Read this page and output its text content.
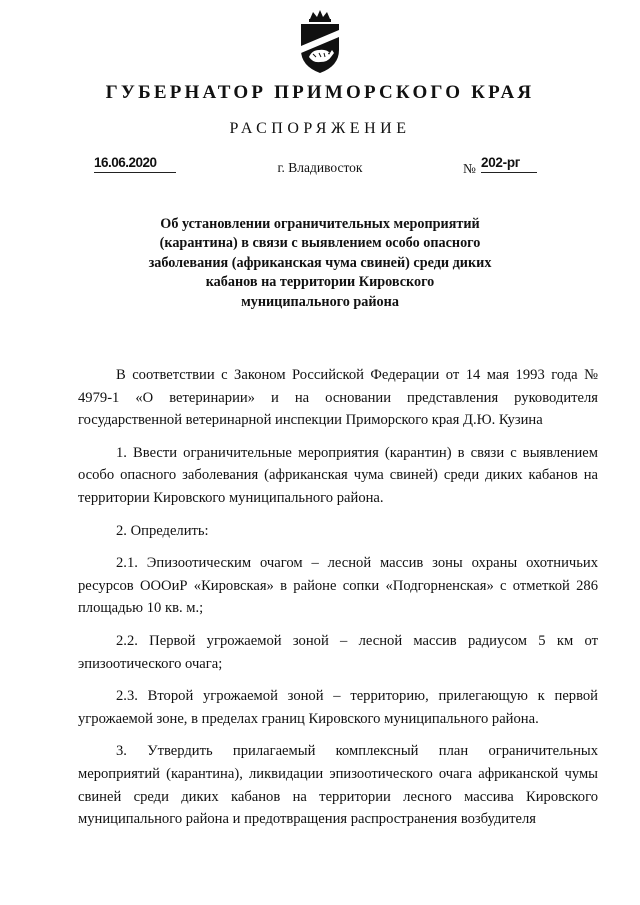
ГУБЕРНАТОР ПРИМОРСКОГО КРАЯ
РАСПОРЯЖЕНИЕ
16.06.2020	г. Владивосток	№ 202-рг
Об установлении ограничительных мероприятий
(карантина) в связи с выявлением особо опасного
заболевания (африканская чума свиней) среди диких
кабанов на территории Кировского
муниципального района

В соответствии с Законом Российской Федерации от 14 мая 1993 года № 4979-1 «О ветеринарии» и на основании представления руководителя государственной ветеринарной инспекции Приморского края Д.Ю. Кузина

1. Ввести ограничительные мероприятия (карантин) в связи с выявлением особо опасного заболевания (африканская чума свиней) среди диких кабанов на территории Кировского муниципального района.

2. Определить:

2.1. Эпизоотическим очагом – лесной массив зоны охраны охотничьих ресурсов ОООиР «Кировская» в районе сопки «Подгорненская» с отметкой 286 площадью 10 кв. м.;

2.2. Первой угрожаемой зоной – лесной массив радиусом 5 км от эпизоотического очага;

2.3. Второй угрожаемой зоной – территорию, прилегающую к первой угрожаемой зоне, в пределах границ Кировского муниципального района.

3. Утвердить прилагаемый комплексный план ограничительных мероприятий (карантина), ликвидации эпизоотического очага африканской чумы свиней среди диких кабанов на территории лесного массива Кировского муниципального района и предотвращения распространения возбудителя
